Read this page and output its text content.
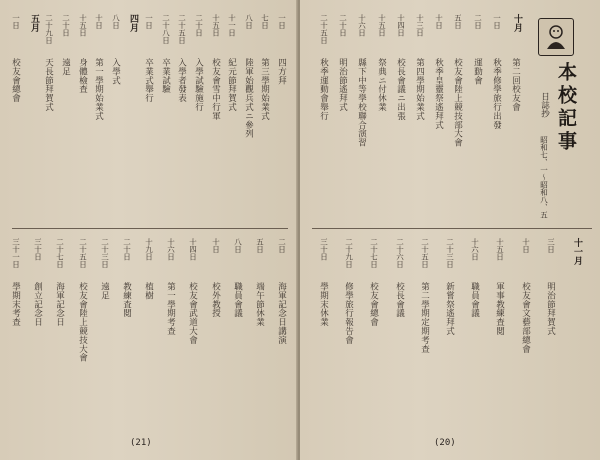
一日
四方拜
七日
第三學期始業式
八日
陸軍始觀兵式ニ參列
十一日
紀元節拜賀式
十五日
校友會雪中行軍
二十日
入學試驗施行
二十五日
入學者發表
二十八日
卒業試驗
一日
卒業式舉行
四月
八日
入學式
十日
第一學期始業式
十五日
身體檢査
二十日
遠足
二十九日
天長節拜賀式
五月
一日
校友會總會
二日
海軍記念日講演
五日
端午節休業
八日
職員會議
十日
校外教授
十四日
校友會武道大會
十六日
第一學期考查
十九日
植樹
二十日
教練査閲
二十三日
遠足
二十五日
校友會陸上競技大會
二十七日
海軍記念日
三十日
創立記念日
三十一日
學期末考查
(21)
十月
第二回校友會
一日
秋季修學旅行出發
二日
運動會
五日
校友會陸上競技部大會
十日
秋季皇靈祭遙拜式
十三日
第四學期始業式
十四日
校長會議ニ出張
十五日
祭典ニ付休業
十六日
縣下中等學校聯合演習
二十日
明治節遙拜式
二十五日
秋季運動會舉行
十一月
三日
明治節拜賀式
十日
校友會文藝部總會
十五日
軍事教練査閲
十六日
職員會議
二十三日
新嘗祭遙拜式
二十五日
第二學期定期考查
二十六日
校長會議
二十七日
校友會總會
二十九日
修學旅行報告會
三十日
學期末休業
(20)
本校記事
日誌抄
昭和七、一〜昭和八、五
